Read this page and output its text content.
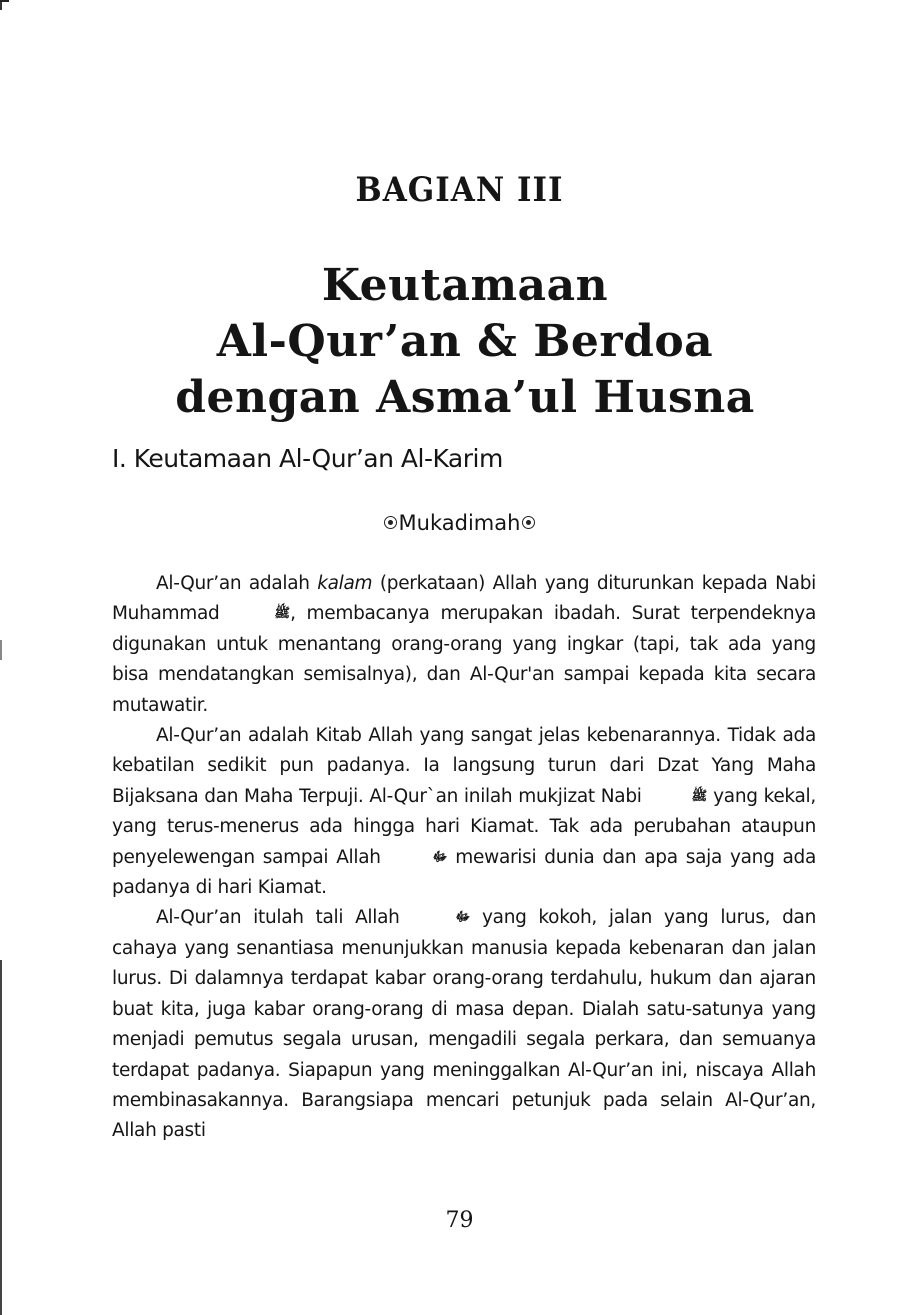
BAGIAN III
Keutamaan
Al-Qur’an & Berdoa
dengan Asma’ul Husna
I. Keutamaan Al-Qur’an Al-Karim
Mukadimah

Al-Qur’an adalah kalam (perkataan) Allah yang diturunkan kepada Nabi Muhammad	ﷺ, membacanya merupakan ibadah. Surat terpendeknya digunakan untuk menantang orang-orang yang ingkar (tapi, tak ada yang bisa mendatangkan semisalnya), dan Al-Qur'an sampai kepada kita secara mutawatir.

Al-Qur’an adalah Kitab Allah yang sangat jelas kebenarannya. Tidak ada kebatilan sedikit pun padanya. Ia langsung turun dari Dzat Yang Maha Bijaksana dan Maha Terpuji. Al-Qur`an inilah mukjizat Nabi	ﷺ yang kekal, yang terus-menerus ada hingga hari Kiamat. Tak ada perubahan ataupun penyelewengan sampai Allah	ﷻ mewarisi dunia dan apa saja yang ada padanya di hari Kiamat.

Al-Qur’an itulah tali Allah	ﷻ yang kokoh, jalan yang lurus, dan cahaya yang senantiasa menunjukkan manusia kepada kebenaran dan jalan lurus. Di dalamnya terdapat kabar orang-orang terdahulu, hukum dan ajaran buat kita, juga kabar orang-orang di masa depan. Dialah satu-satunya yang menjadi pemutus segala urusan, mengadili segala perkara, dan semuanya terdapat padanya. Siapapun yang meninggalkan Al-Qur’an ini, niscaya Allah membinasakannya. Barangsiapa mencari petunjuk pada selain Al-Qur’an, Allah pasti

79
